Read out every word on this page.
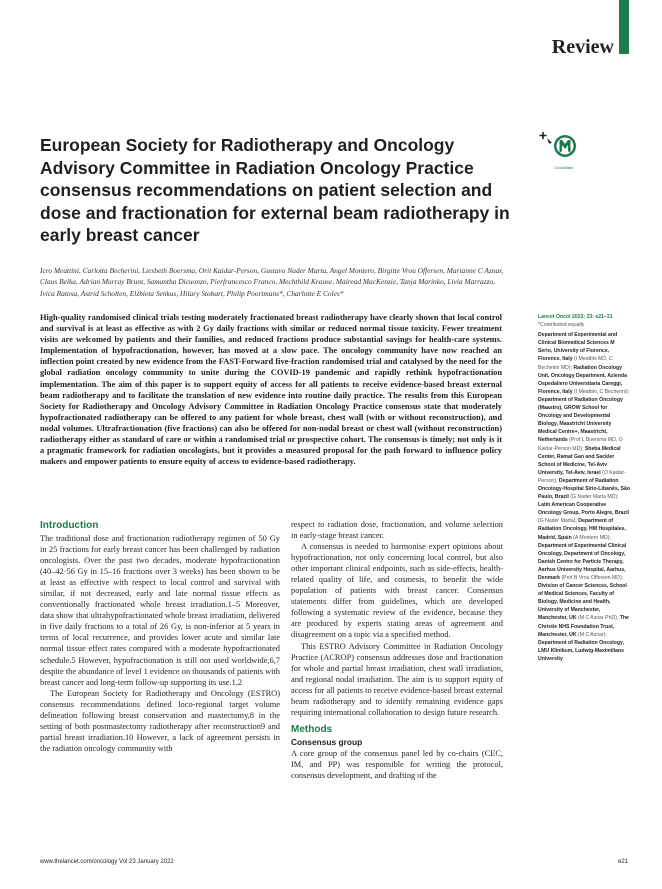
Review
European Society for Radiotherapy and Oncology Advisory Committee in Radiation Oncology Practice consensus recommendations on patient selection and dose and fractionation for external beam radiotherapy in early breast cancer
CrossMark

Icro Meattini, Carlotta Becherini, Liesbeth Boersma, Orit Kaidar-Person, Gustavo Nader Marta, Angel Montero, Birgitte Vrou Offersen, Marianne C Aznar, Claus Belka, Adrian Murray Brunt, Samantha Dicuonzo, Pierfrancesco Franco, Mechthild Krause, Mairead MacKenzie, Tanja Marinko, Livia Marrazzo, Ivica Ratosa, Astrid Scholten, Elżbieta Senkus, Hilary Stobart, Philip Poortmans*, Charlotte E Coles*

High-quality randomised clinical trials testing moderately fractionated breast radiotherapy have clearly shown that local control and survival is at least as effective as with 2 Gy daily fractions with similar or reduced normal tissue toxicity. Fewer treatment visits are welcomed by patients and their families, and reduced fractions produce substantial savings for health-care systems. Implementation of hypofractionation, however, has moved at a slow pace. The oncology community have now reached an inflection point created by new evidence from the FAST-Forward five-fraction randomised trial and catalysed by the need for the global radiation oncology community to unite during the COVID-19 pandemic and rapidly rethink hypofractionation implementation. The aim of this paper is to support equity of access for all patients to receive evidence-based breast external beam radiotherapy and to facilitate the translation of new evidence into routine daily practice. The results from this European Society for Radiotherapy and Oncology Advisory Committee in Radiation Oncology Practice consensus state that moderately hypofractionated radiotherapy can be offered to any patient for whole breast, chest wall (with or without reconstruction), and nodal volumes. Ultrafractionation (five fractions) can also be offered for non-nodal breast or chest wall (without reconstruction) radiotherapy either as standard of care or within a randomised trial or prospective cohort. The consensus is timely; not only is it a pragmatic framework for radiation oncologists, but it provides a measured proposal for the path forward to influence policy makers and empower patients to ensure equity of access to evidence-based radiotherapy.

Introduction

The traditional dose and fractionation radiotherapy regimen of 50 Gy in 25 fractions for early breast cancer has been challenged by radiation oncologists. Over the past two decades, moderate hypofractionation (40–42·56 Gy in 15–16 fractions over 3 weeks) has been shown to be at least as effective with respect to local control and survival with similar, if not decreased, early and late normal tissue effects as conventionally fractionated whole breast irradiation.1–5 Moreover, data show that ultrahypofractionated whole breast irradiation, delivered in five daily fractions to a total of 26 Gy, is non-inferior at 5 years in terms of local recurrence, and provides lower acute and similar late normal tissue effect rates compared with a moderate hypofractionated schedule.5 However, hypofractionation is still not used worldwide,6,7 despite the abundance of level 1 evidence on thousands of patients with breast cancer and long-term follow-up supporting its use.1,2

The European Society for Radiotherapy and Oncology (ESTRO) consensus recommendations defined loco-regional target volume delineation following breast conservation and mastectomy,8 in the setting of both postmastectomy radiotherapy after reconstruction9 and partial breast irradiation.10 However, a lack of agreement persists in the radiation oncology community with

respect to radiation dose, fractionation, and volume selection in early-stage breast cancer.

A consensus is needed to harmonise expert opinions about hypofractionation, not only concerning local control, but also other important clinical endpoints, such as side-effects, health-related quality of life, and cosmesis, to benefit the wide population of patients with breast cancer. Consensus statements differ from guidelines, which are developed following a systematic review of the evidence, because they are produced by experts stating areas of agreement and disagreement on a topic via a specified method.

This ESTRO Advisory Committee in Radiation Oncology Practice (ACROP) consensus addresses dose and fractionation for whole and partial breast irradiation, chest wall irradiation, and regional nodal irradiation. The aim is to support equity of access for all patients to receive evidence-based breast external beam radiotherapy and to identify remaining evidence gaps requiring international collaboration to design future research.

Methods
Consensus group

A core group of the consensus panel led by co-chairs (CEC, IM, and PP) was responsible for writing the protocol, consensus development, and drafting of the

Lancet Oncol 2022; 23: e21–31
*Contributed equally
Department of Experimental and Clinical Biomedical Sciences M Serio, University of Florence, Florence, Italy (I Meattini MD, C Becherini MD); Radiation Oncology Unit, Oncology Department, Azienda Ospedaliero Universitaria Careggi, Florence, Italy (I Meattini, C Becherini); Department of Radiation Oncology (Maastro), GROW School for Oncology and Developmental Biology, Maastricht University Medical Centre+, Maastricht, Netherlands (Prof L Boersma MD, O Kaidar-Person MD); Sheba Medical Center, Ramat Gan and Sackler School of Medicine, Tel-Aviv University, Tel-Aviv, Israel (O Kaidar-Person); Department of Radiation Oncology-Hospital Sirio-Libanês, São Paulo, Brazil (G Nader Marta MD); Latin American Cooperative Oncology Group, Porto Alegre, Brazil (G Nader Marta); Department of Radiation Oncology, HM Hospitales, Madrid, Spain (A Montero MD); Department of Experimental Clinical Oncology, Department of Oncology, Danish Centre for Particle Therapy, Aarhus University Hospital, Aarhus, Denmark (Prof B Vrou Offersen MD); Division of Cancer Sciences, School of Medical Sciences, Faculty of Biology, Medicine and Health, University of Manchester, Manchester, UK (M C Aznar PhD); The Christie NHS Foundation Trust, Manchester, UK (M C Aznar); Department of Radiation Oncology, LMU Klinikum, Ludwig-Maximilians University
www.thelancet.com/oncology Vol 23 January 2022	e21
